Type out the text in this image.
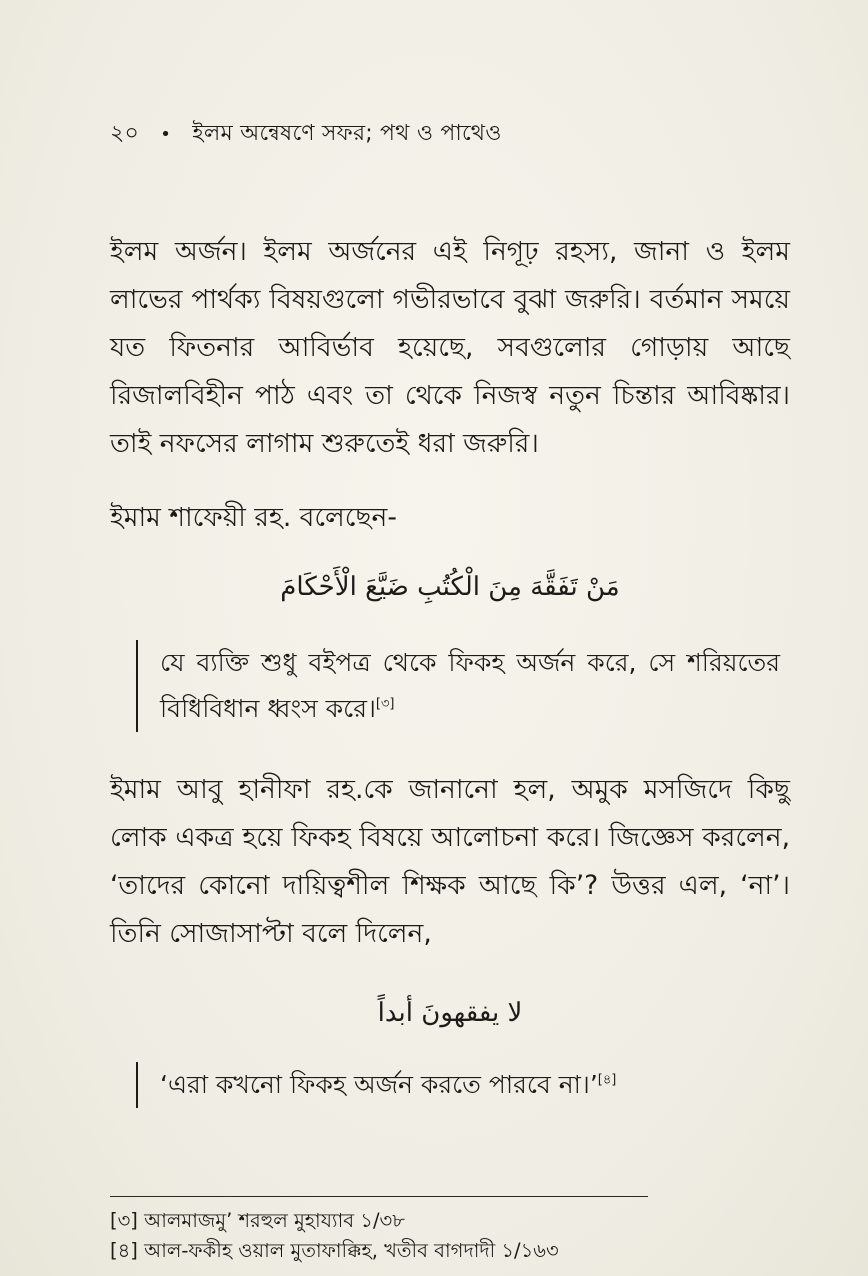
২০ • ইলম অন্বেষণে সফর; পথ ও পাথেও
ইলম অর্জন। ইলম অর্জনের এই নিগূঢ় রহস্য, জানা ও ইলম লাভের পার্থক্য বিষয়গুলো গভীরভাবে বুঝা জরুরি। বর্তমান সময়ে যত ফিতনার আবির্ভাব হয়েছে, সবগুলোর গোড়ায় আছে রিজালবিহীন পাঠ এবং তা থেকে নিজস্ব নতুন চিন্তার আবিষ্কার। তাই নফসের লাগাম শুরুতেই ধরা জরুরি।
ইমাম শাফেয়ী রহ. বলেছেন-
مَنْ تَفَقَّهَ مِنَ الْكُتُبِ ضَيَّعَ الْأَحْكَامَ
যে ব্যক্তি শুধু বইপত্র থেকে ফিকহ অর্জন করে, সে শরিয়তের বিধিবিধান ধ্বংস করে।[৩]
ইমাম আবু হানীফা রহ.কে জানানো হল, অমুক মসজিদে কিছু লোক একত্র হয়ে ফিকহ বিষয়ে আলোচনা করে। জিজ্ঞেস করলেন, ‘তাদের কোনো দায়িত্বশীল শিক্ষক আছে কি’? উত্তর এল, ‘না’। তিনি সোজাসাপ্টা বলে দিলেন,
لا يفقهونَ أبداً
‘এরা কখনো ফিকহ অর্জন করতে পারবে না।’[৪]
[৩] আলমাজমু’ শরহুল মুহায্যাব ১/৩৮
[৪] আল-ফকীহ ওয়াল মুতাফাক্কিহ, খতীব বাগদাদী ১/১৬৩
